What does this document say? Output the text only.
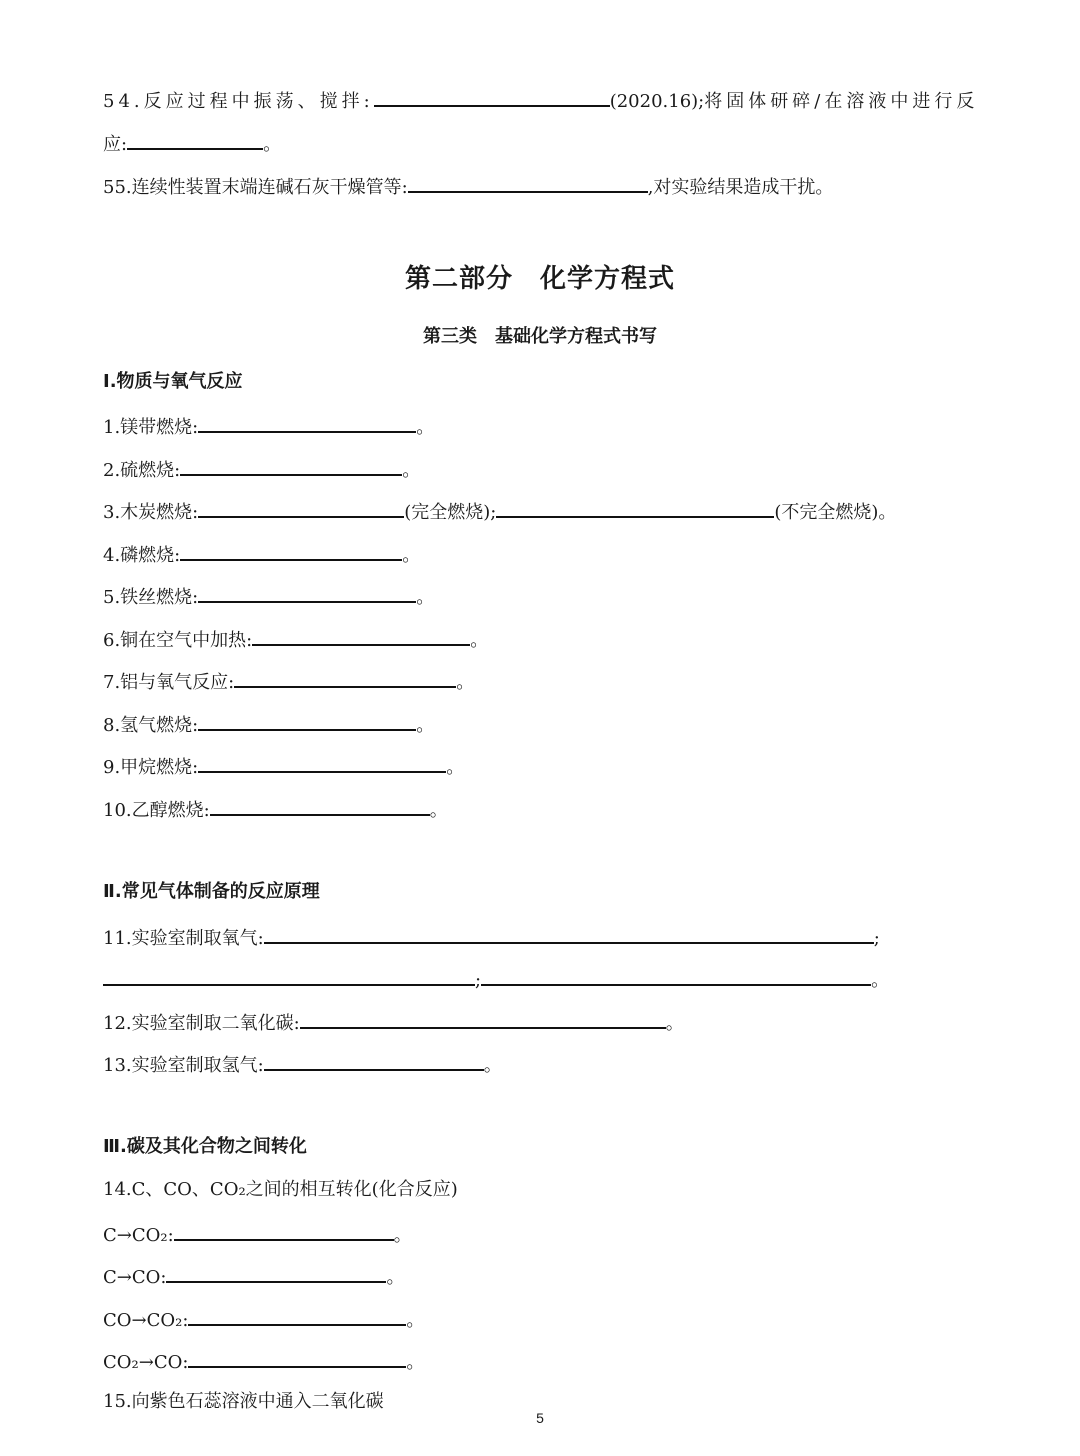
54.反应过程中振荡、搅拌:	(2020.16);将固体研碎/在溶液中进行反
应:	。
55.连续性装置末端连碱石灰干燥管等:	,对实验结果造成干扰。
第二部分　化学方程式
第三类　基础化学方程式书写
Ⅰ.物质与氧气反应
1.镁带燃烧:	。
2.硫燃烧:	。
3.木炭燃烧:	(完全燃烧);	(不完全燃烧)。
4.磷燃烧:	。
5.铁丝燃烧:	。
6.铜在空气中加热:	。
7.铝与氧气反应:	。
8.氢气燃烧:	。
9.甲烷燃烧:	。
10.乙醇燃烧:	。
Ⅱ.常见气体制备的反应原理
11.实验室制取氧气:	;
;	。
12.实验室制取二氧化碳:	。
13.实验室制取氢气:	。
Ⅲ.碳及其化合物之间转化
14.C、CO、CO₂之间的相互转化(化合反应)
C→CO₂:	。
C→CO:	。
CO→CO₂:	。
CO₂→CO:	。
15.向紫色石蕊溶液中通入二氧化碳
5
